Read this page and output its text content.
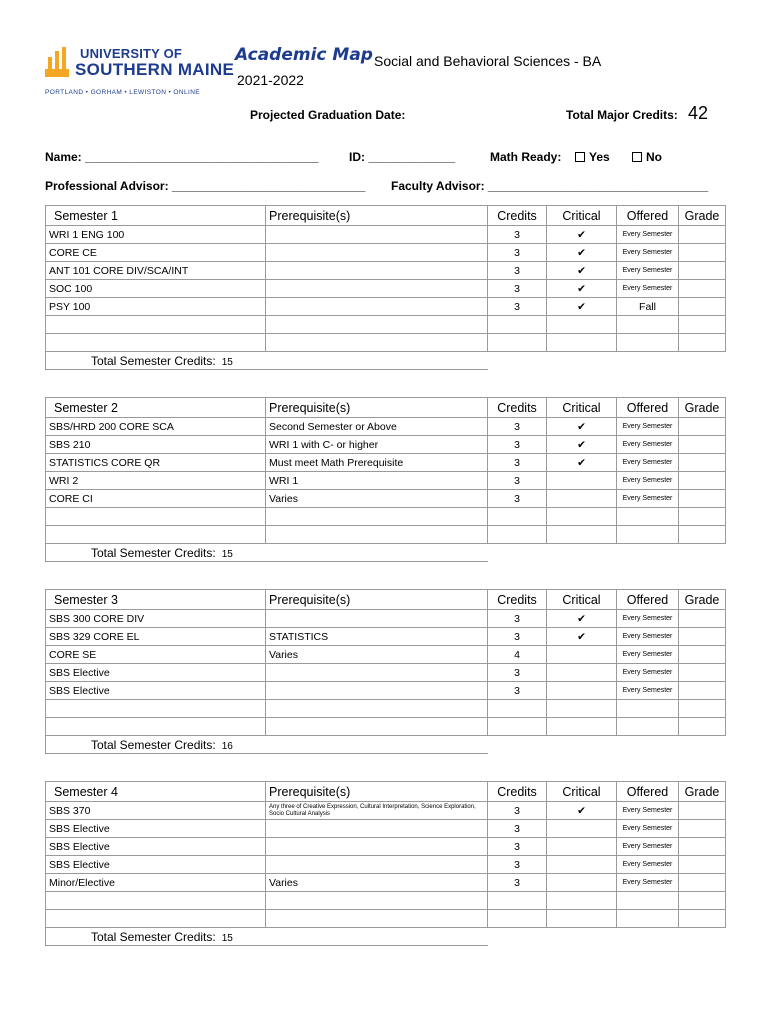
UNIVERSITY OF
SOUTHERN MAINE
PORTLAND • GORHAM • LEWISTON • ONLINE
Academic Map
2021-2022
Social and Behavioral Sciences - BA
Projected Graduation Date:	Total Major Credits: 42
Name: ___________________________________	ID: _____________	Math Ready:	Yes	No
Professional Advisor: _____________________________ Faculty Advisor: _________________________________
Semester 1	Prerequisite(s)	Credits	Critical	Offered	Grade
WRI 1 ENG 100		3	✔	Every Semester	
CORE CE		3	✔	Every Semester	
ANT 101 CORE DIV/SCA/INT		3	✔	Every Semester	
SOC 100		3	✔	Every Semester	
PSY 100		3	✔	Fall	

Total Semester Credits: 15					
Semester 2	Prerequisite(s)	Credits	Critical	Offered	Grade
SBS/HRD 200 CORE SCA	Second Semester or Above	3	✔	Every Semester	
SBS 210	WRI 1 with C- or higher	3	✔	Every Semester	
STATISTICS CORE QR	Must meet Math Prerequisite	3	✔	Every Semester	
WRI 2	WRI 1	3		Every Semester	
CORE CI	Varies	3		Every Semester	

Total Semester Credits: 15					
Semester 3	Prerequisite(s)	Credits	Critical	Offered	Grade
SBS 300 CORE DIV		3	✔	Every Semester	
SBS 329 CORE EL	STATISTICS	3	✔	Every Semester	
CORE SE	Varies	4		Every Semester	
SBS Elective		3		Every Semester	
SBS Elective		3		Every Semester	

Total Semester Credits: 16					
Semester 4	Prerequisite(s)	Credits	Critical	Offered	Grade
SBS 370	Any three of Creative Expression, Cultural Interpretation, Science Exploration, Socio Cultural Analysis	3	✔	Every Semester	
SBS Elective		3		Every Semester	
SBS Elective		3		Every Semester	
SBS Elective		3		Every Semester	
Minor/Elective	Varies	3		Every Semester	

Total Semester Credits: 15					
